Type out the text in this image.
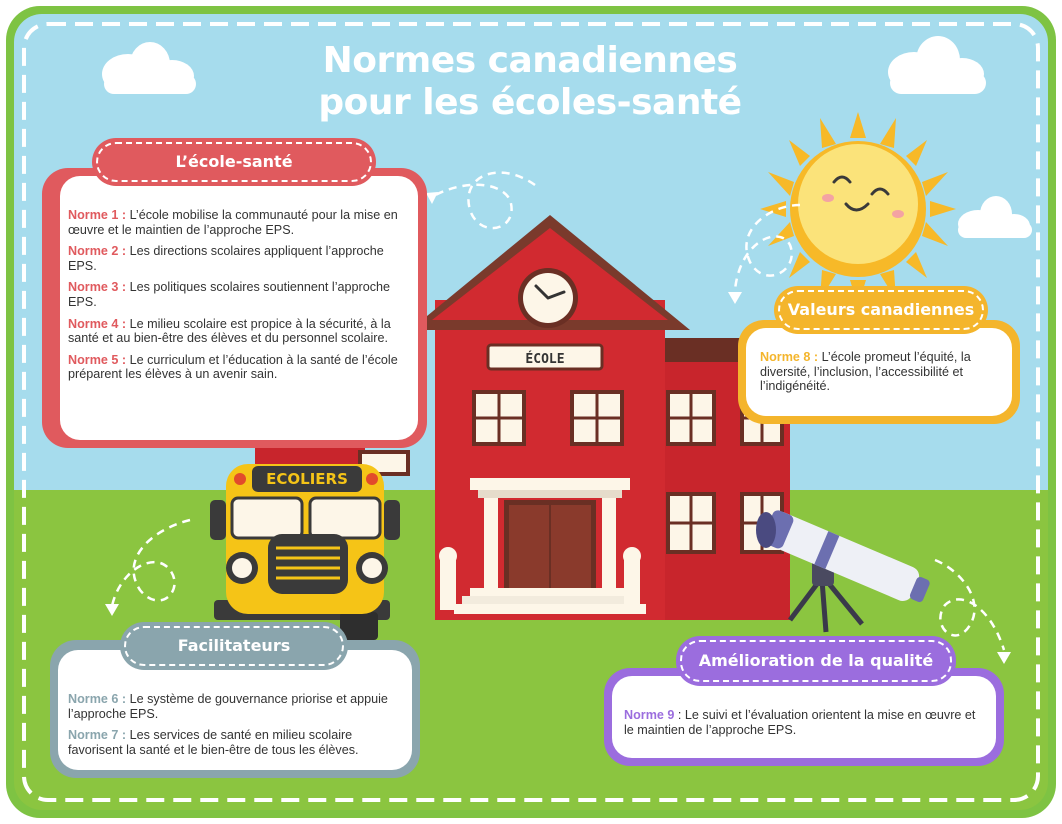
ÉCOLE
ECOLIERS
Normes canadiennes
pour les écoles-santé

Norme 1 : L’école mobilise la communauté pour la mise en œuvre et le maintien de l’approche EPS.

Norme 2 : Les directions scolaires appliquent l’approche EPS.

Norme 3 : Les politiques scolaires soutiennent l’approche EPS.

Norme 4 : Le milieu scolaire est propice à la sécurité, à la santé et au bien-être des élèves et du personnel scolaire.

Norme 5 : Le curriculum et l’éducation à la santé de l’école préparent les élèves à un avenir sain.

L’école-santé

Norme 8 : L’école promeut l’équité, la diversité, l’inclusion, l’accessibilité et l’indigénéité.

Valeurs canadiennes

Norme 6 : Le système de gouvernance priorise et appuie l’approche EPS.

Norme 7 : Les services de santé en milieu scolaire favorisent la santé et le bien-être de tous les élèves.

Facilitateurs

Norme 9 : Le suivi et l’évaluation orientent la mise en œuvre et le maintien de l’approche EPS.

Amélioration de la qualité
